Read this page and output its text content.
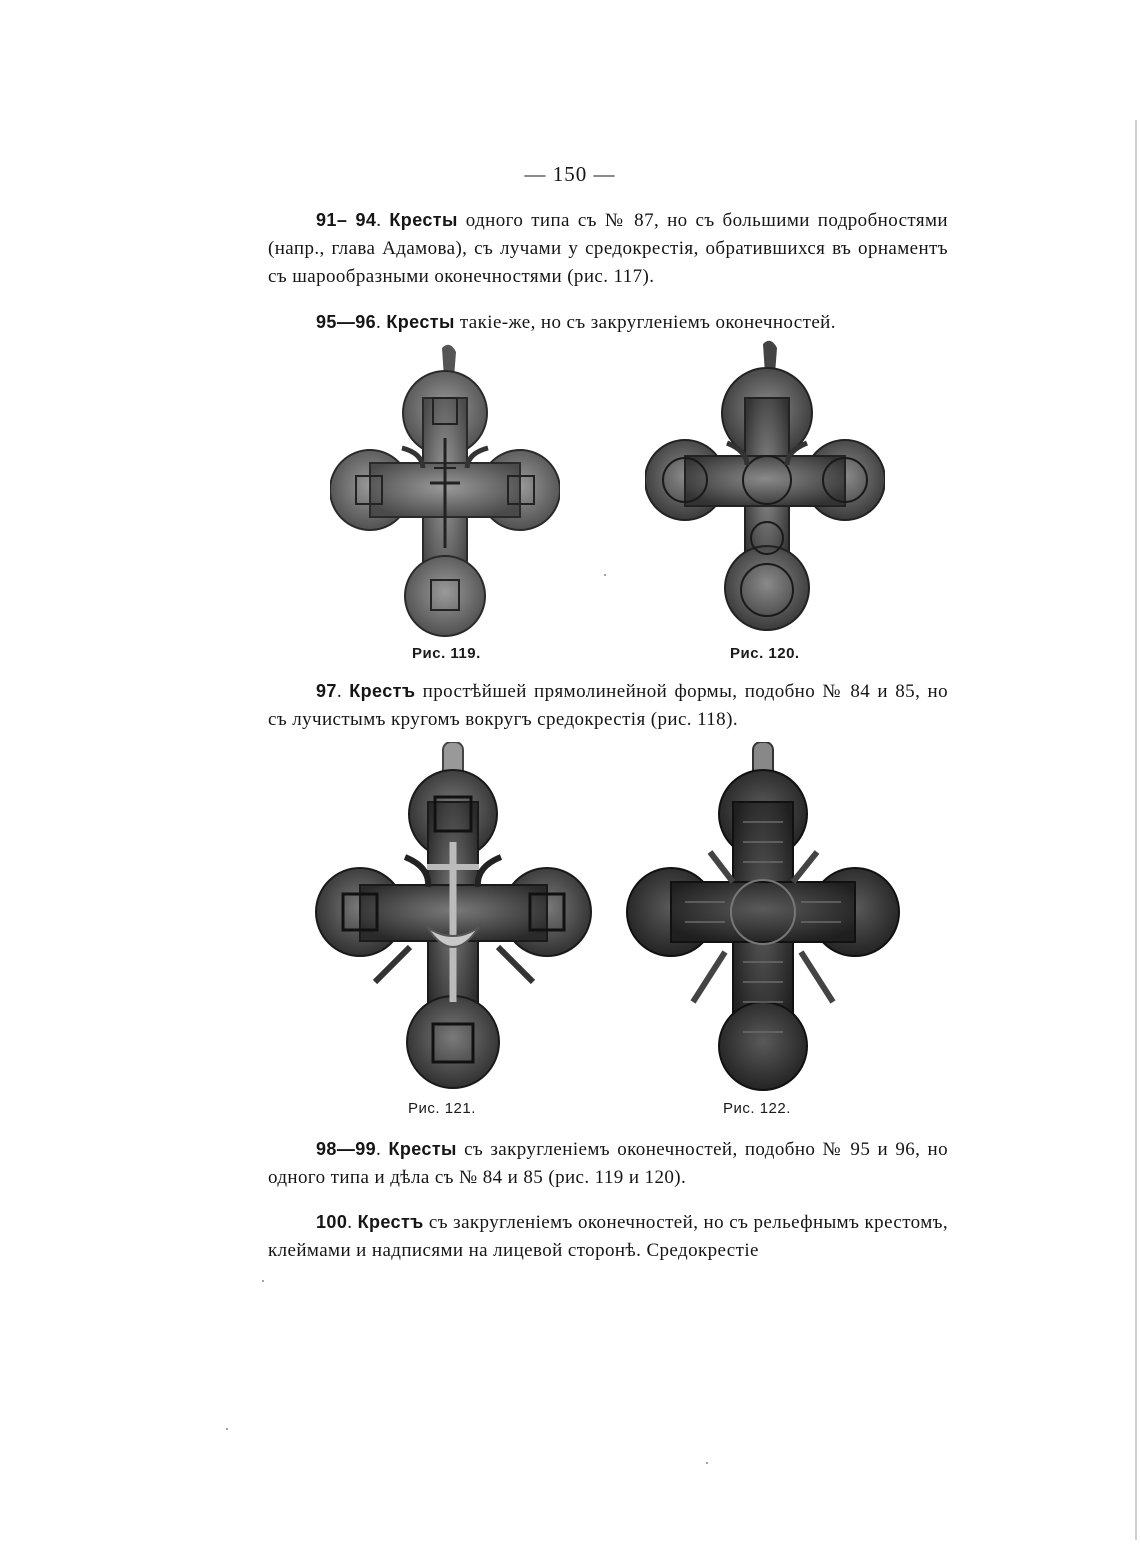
— 150 —
91– 94. Кресты одного типа съ № 87, но съ большими подробностями (напр., глава Адамова), съ лучами у средокрестія, обратившихся въ орнаментъ съ шарообразными оконечностями (рис. 117).
95—96. Кресты такіе-же, но съ закругленіемъ оконечностей.
Рис. 119.	Рис. 120.
97. Крестъ простѣйшей прямолинейной формы, подобно № 84 и 85, но съ лучистымъ кругомъ вокругъ средокрестія (рис. 118).
Рис. 121.	Рис. 122.
98—99. Кресты съ закругленіемъ оконечностей, подобно № 95 и 96, но одного типа и дѣла съ № 84 и 85 (рис. 119 и 120).
100. Крестъ съ закругленіемъ оконечностей, но съ рельефнымъ крестомъ, клеймами и надписями на лицевой сторонѣ. Средокрестіе
